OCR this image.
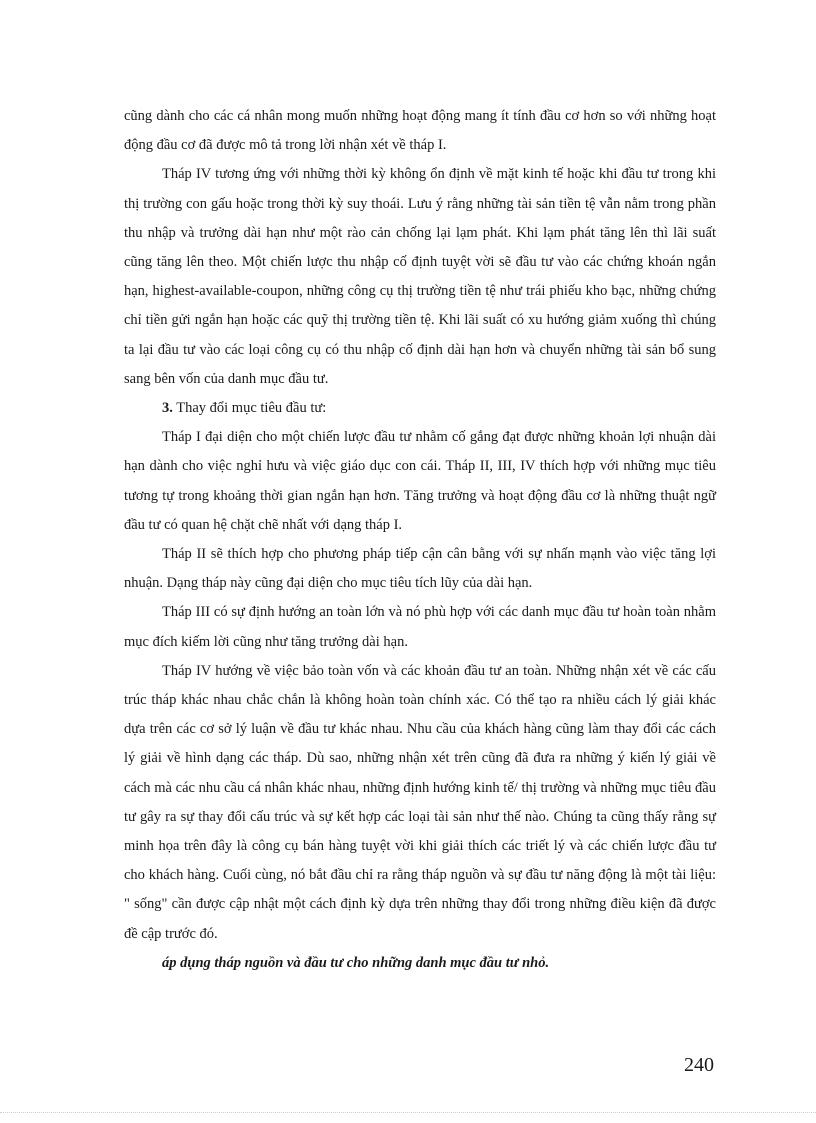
cũng dành cho các cá nhân mong muốn những hoạt động mang ít tính đầu cơ hơn so với những hoạt động đầu cơ đã được mô tả trong lời nhận xét về tháp I.

Tháp IV tương ứng với những thời kỳ không ổn định về mặt kinh tế hoặc khi đầu tư trong khi thị trường con gấu hoặc trong thời kỳ suy thoái. Lưu ý rằng những tài sản tiền tệ vẫn nằm trong phần thu nhập và trưởng dài hạn như một rào cản chống lại lạm phát. Khi lạm phát tăng lên thì lãi suất cũng tăng lên theo. Một chiến lược thu nhập cố định tuyệt vời sẽ đầu tư vào các chứng khoán ngắn hạn, highest-available-coupon, những công cụ thị trường tiền tệ như trái phiếu kho bạc, những chứng chỉ tiền gửi ngắn hạn hoặc các quỹ thị trường tiền tệ. Khi lãi suất có xu hướng giảm xuống thì chúng ta lại đầu tư vào các loại công cụ có thu nhập cố định dài hạn hơn và chuyển những tài sản bổ sung sang bên vốn của danh mục đầu tư.

3. Thay đổi mục tiêu đầu tư:

Tháp I đại diện cho một chiến lược đầu tư nhằm cố gắng đạt được những khoản lợi nhuận dài hạn dành cho việc nghỉ hưu và việc giáo dục con cái. Tháp II, III, IV thích hợp với những mục tiêu tương tự trong khoảng thời gian ngắn hạn hơn. Tăng trưởng và hoạt động đầu cơ là những thuật ngữ đầu tư có quan hệ chặt chẽ nhất với dạng tháp I.

Tháp II sẽ thích hợp cho phương pháp tiếp cận cân bằng với sự nhấn mạnh vào việc tăng lợi nhuận. Dạng tháp này cũng đại diện cho mục tiêu tích lũy của dài hạn.

Tháp III có sự định hướng an toàn lớn và nó phù hợp với các danh mục đầu tư hoàn toàn nhằm mục đích kiếm lời cũng như tăng trưởng dài hạn.

Tháp IV hướng về việc bảo toàn vốn và các khoản đầu tư an toàn. Những nhận xét về các cấu trúc tháp khác nhau chắc chắn là không hoàn toàn chính xác. Có thể tạo ra nhiều cách lý giải khác dựa trên các cơ sở lý luận về đầu tư khác nhau. Nhu cầu của khách hàng cũng làm thay đổi các cách lý giải về hình dạng các tháp. Dù sao, những nhận xét trên cũng đã đưa ra những ý kiến lý giải về cách mà các nhu cầu cá nhân khác nhau, những định hướng kinh tế/ thị trường và những mục tiêu đầu tư gây ra sự thay đổi cấu trúc và sự kết hợp các loại tài sản như thế nào. Chúng ta cũng thấy rằng sự minh họa trên đây là công cụ bán hàng tuyệt vời khi giải thích các triết lý và các chiến lược đầu tư cho khách hàng. Cuối cùng, nó bắt đầu chỉ ra rằng tháp nguồn và sự đầu tư năng động là một tài liệu: " sống" cần được cập nhật một cách định kỳ dựa trên những thay đổi trong những điều kiện đã được đề cập trước đó.

áp dụng tháp nguồn và đầu tư cho những danh mục đầu tư nhỏ.

240
